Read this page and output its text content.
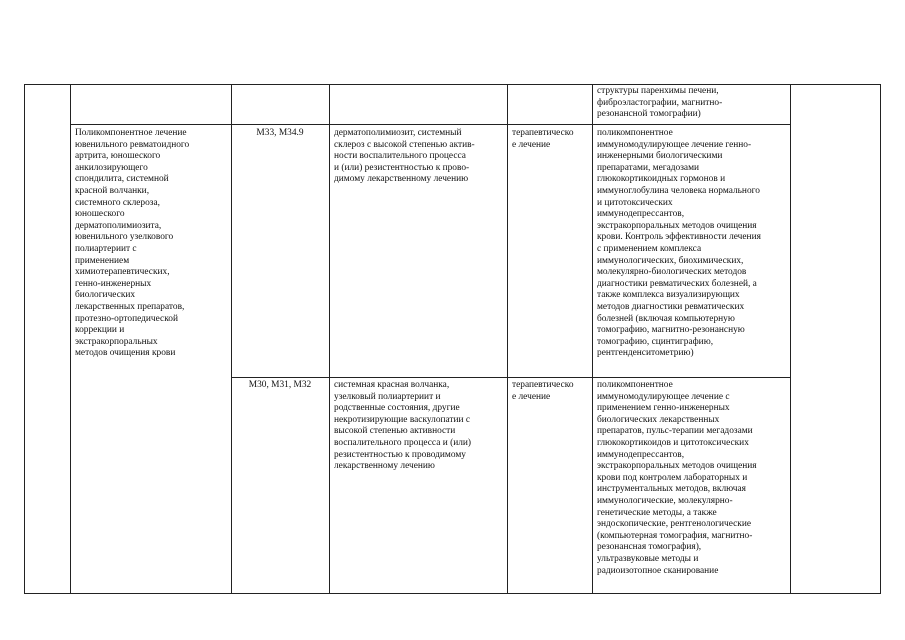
структуры паренхимы печени,
фиброэластографии, магнитно-
резонансной томографии)
Поликомпонентное лечение
ювенильного ревматоидного
артрита, юношеского
анкилозирующего
спондилита, системной
красной волчанки,
системного склероза,
юношеского
дерматополимиозита,
ювенильного узелкового
полиартериит с
применением
химиотерапевтических,
генно-инженерных
биологических
лекарственных препаратов,
протезно-ортопедической
коррекции и
экстракорпоральных
методов очищения крови
M33, M34.9	дерматополимиозит, системный
склероз с высокой степенью актив-
ности воспалительного процесса
и (или) резистентностью к прово-
димому лекарственному лечению
терапевтическо
е лечение
поликомпонентное
иммуномодулирующее лечение генно-
инженерными биологическими
препаратами, мегадозами
глюкокортикоидных гормонов и
иммуноглобулина человека нормального
и цитотоксических
иммунодепрессантов,
экстракорпоральных методов очищения
крови. Контроль эффективности лечения
с применением комплекса
иммунологических, биохимических,
молекулярно-биологических методов
диагностики ревматических болезней, а
также комплекса визуализирующих
методов диагностики ревматических
болезней (включая компьютерную
томографию, магнитно-резонансную
томографию, сцинтиграфию,
рентгенденситометрию)
M30, M31, M32	системная красная волчанка,
узелковый полиартериит и
родственные состояния, другие
некротизирующие васкулопатии с
высокой степенью активности
воспалительного процесса и (или)
резистентностью к проводимому
лекарственному лечению
терапевтическо
е лечение
поликомпонентное
иммуномодулирующее лечение с
применением генно-инженерных
биологических лекарственных
препаратов, пульс-терапии мегадозами
глюкокортикоидов и цитотоксических
иммунодепрессантов,
экстракорпоральных методов очищения
крови под контролем лабораторных и
инструментальных методов, включая
иммунологические, молекулярно-
генетические методы, а также
эндоскопические, рентгенологические
(компьютерная томография, магнитно-
резонансная томография),
ультразвуковые методы и
радиоизотопное сканирование
